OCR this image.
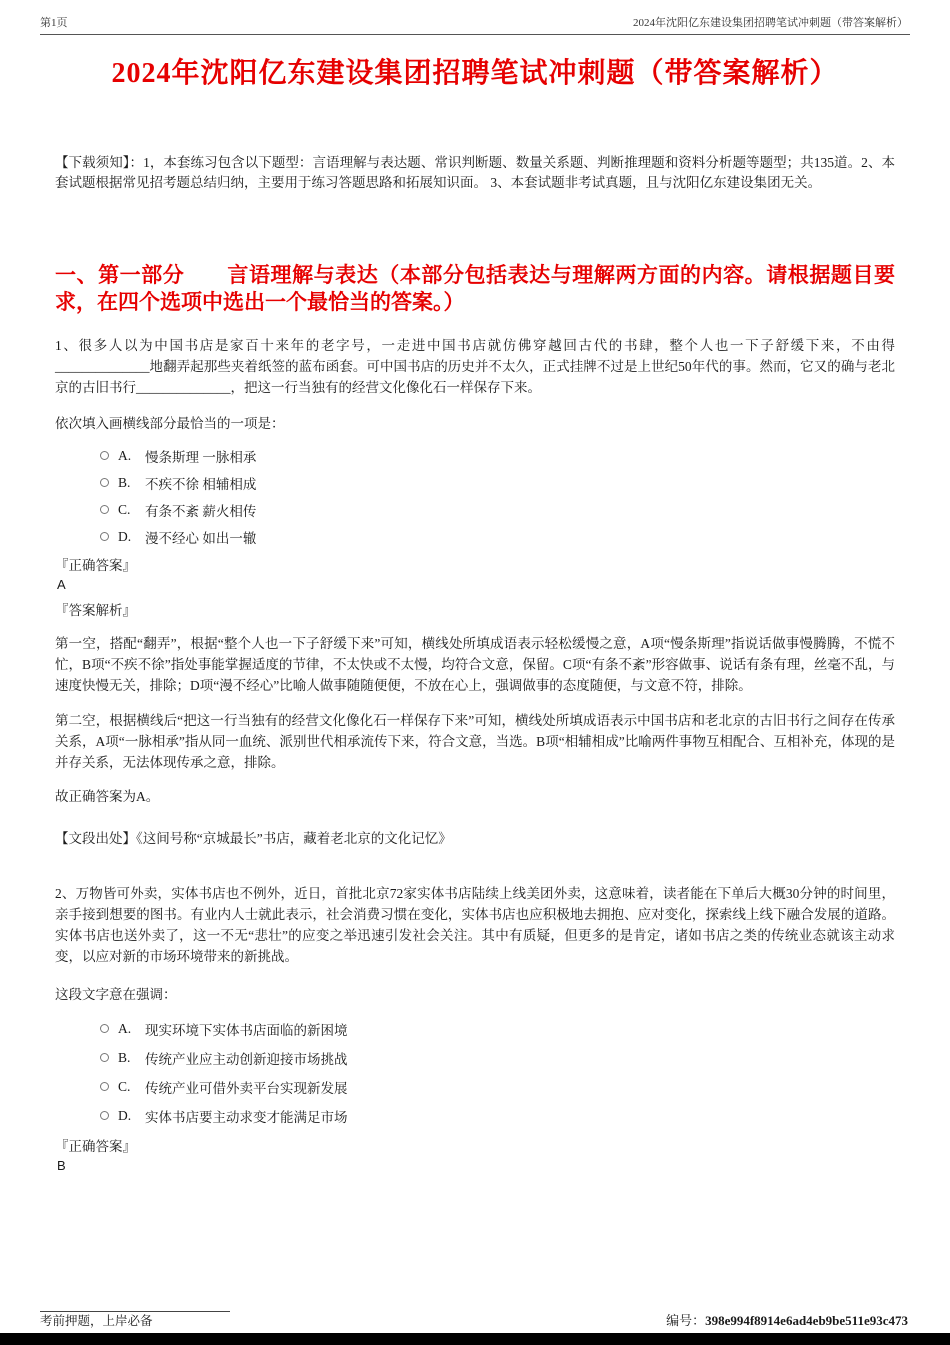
第1页	2024年沈阳亿东建设集团招聘笔试冲刺题（带答案解析）
2024年沈阳亿东建设集团招聘笔试冲刺题（带答案解析）

【下载须知】：1，本套练习包含以下题型：言语理解与表达题、常识判断题、数量关系题、判断推理题和资料分析题等题型；共135道。2、本套试题根据常见招考题总结归纳，主要用于练习答题思路和拓展知识面。 3、本套试题非考试真题，且与沈阳亿东建设集团无关。

一、第一部分　　言语理解与表达（本部分包括表达与理解两方面的内容。请根据题目要求，在四个选项中选出一个最恰当的答案。）

1、很多人以为中国书店是家百十来年的老字号，一走进中国书店就仿佛穿越回古代的书肆，整个人也一下子舒缓下来，不由得______________地翻弄起那些夹着纸签的蓝布函套。可中国书店的历史并不太久，正式挂牌不过是上世纪50年代的事。然而，它又的确与老北京的古旧书行______________，把这一行当独有的经营文化像化石一样保存下来。

依次填入画横线部分最恰当的一项是：

A.	慢条斯理 一脉相承
B.	不疾不徐 相辅相成
C.	有条不紊 薪火相传
D.	漫不经心 如出一辙
『正确答案』
A
『答案解析』

第一空，搭配“翻弄”，根据“整个人也一下子舒缓下来”可知，横线处所填成语表示轻松缓慢之意，A项“慢条斯理”指说话做事慢腾腾，不慌不忙，B项“不疾不徐”指处事能掌握适度的节律，不太快或不太慢，均符合文意，保留。C项“有条不紊”形容做事、说话有条有理，丝毫不乱，与速度快慢无关，排除；D项“漫不经心”比喻人做事随随便便，不放在心上，强调做事的态度随便，与文意不符，排除。

第二空，根据横线后“把这一行当独有的经营文化像化石一样保存下来”可知，横线处所填成语表示中国书店和老北京的古旧书行之间存在传承关系，A项“一脉相承”指从同一血统、派别世代相承流传下来，符合文意，当选。B项“相辅相成”比喻两件事物互相配合、互相补充，体现的是并存关系，无法体现传承之意，排除。

故正确答案为A。

【文段出处】《这间号称“京城最长”书店，藏着老北京的文化记忆》

2、万物皆可外卖，实体书店也不例外，近日，首批北京72家实体书店陆续上线美团外卖，这意味着，读者能在下单后大概30分钟的时间里，亲手接到想要的图书。有业内人士就此表示，社会消费习惯在变化，实体书店也应积极地去拥抱、应对变化，探索线上线下融合发展的道路。实体书店也送外卖了，这一不无“悲壮”的应变之举迅速引发社会关注。其中有质疑，但更多的是肯定，诸如书店之类的传统业态就该主动求变，以应对新的市场环境带来的新挑战。

这段文字意在强调：

A.	现实环境下实体书店面临的新困境
B.	传统产业应主动创新迎接市场挑战
C.	传统产业可借外卖平台实现新发展
D.	实体书店要主动求变才能满足市场
『正确答案』
B
考前押题，上岸必备	编号：398e994f8914e6ad4eb9be511e93c473
